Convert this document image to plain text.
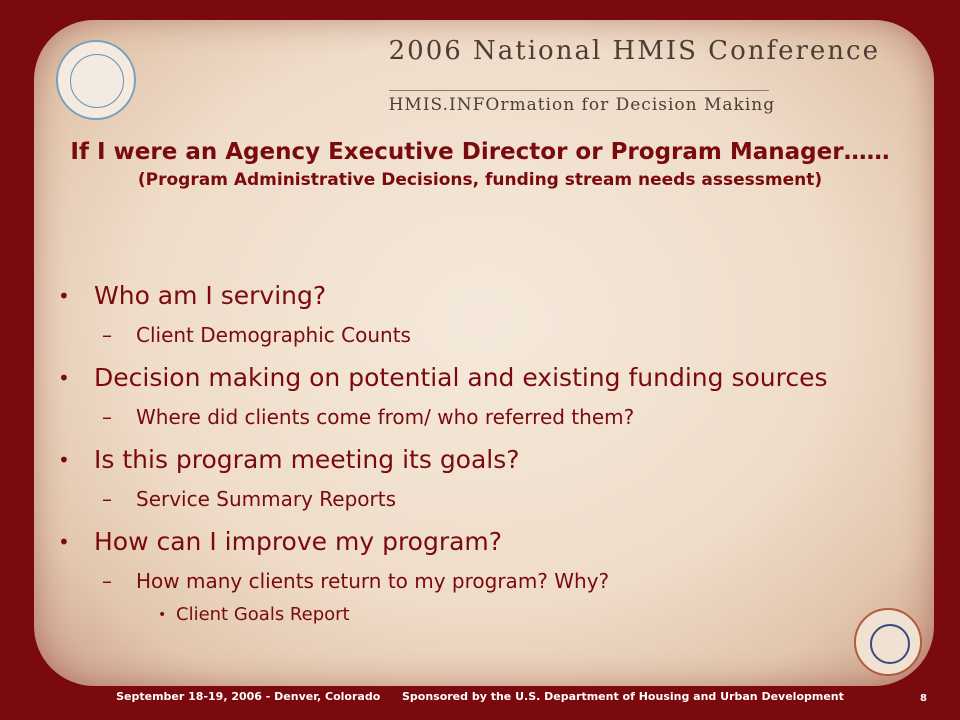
2006 National HMIS Conference
HMIS.INFOrmation for Decision Making
If I were an Agency Executive Director or Program Manager……
(Program Administrative Decisions, funding stream needs assessment)
• Who am I serving?
– Client Demographic Counts
• Decision making on potential and existing funding sources
– Where did clients come from/ who referred them?
• Is this program meeting its goals?
– Service Summary Reports
• How can I improve my program?
– How many clients return to my program? Why?
• Client Goals Report
September 18-19, 2006 - Denver, Colorado Sponsored by the U.S. Department of Housing and Urban Development	8
